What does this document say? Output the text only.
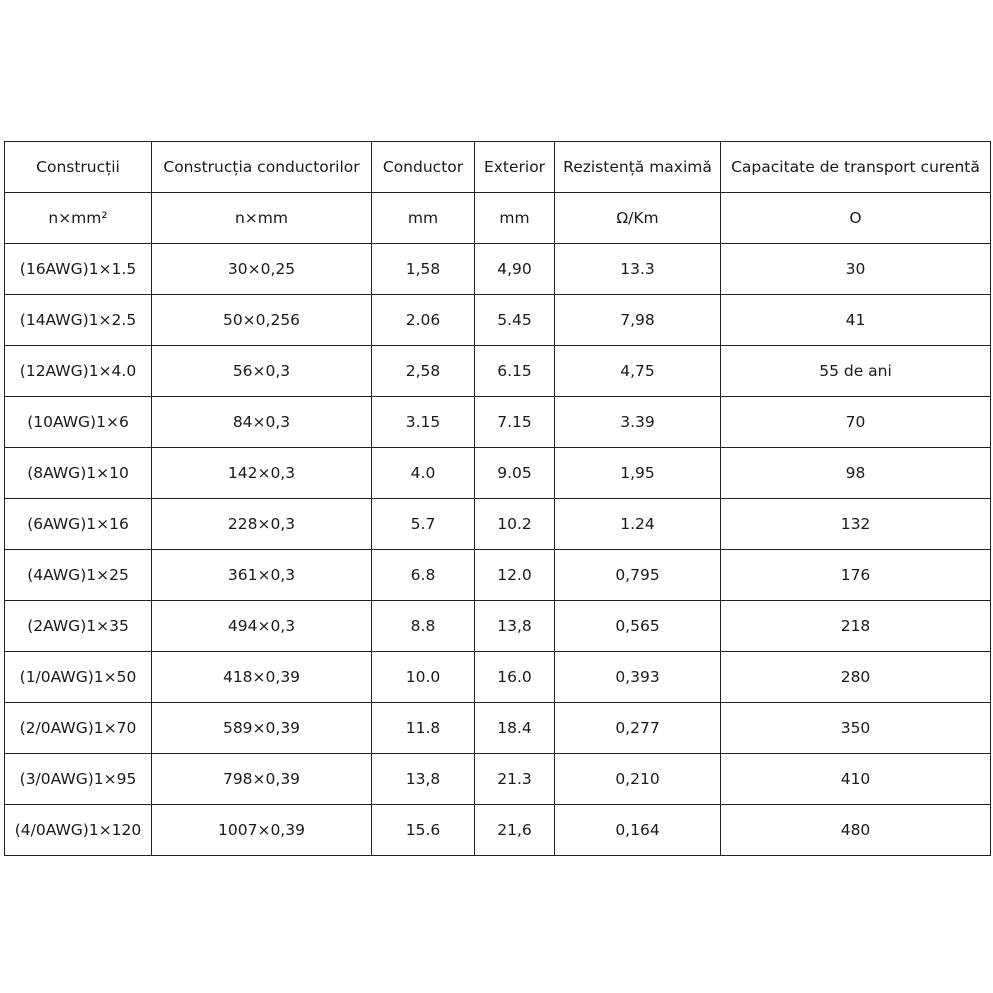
Construcții	Construcția conductorilor	Conductor	Exterior	Rezistență maximă	Capacitate de transport curentă
n×mm²	n×mm	mm	mm	Ω/Km	O
(16AWG)1×1.5	30×0,25	1,58	4,90	13.3	30
(14AWG)1×2.5	50×0,256	2.06	5.45	7,98	41
(12AWG)1×4.0	56×0,3	2,58	6.15	4,75	55 de ani
(10AWG)1×6	84×0,3	3.15	7.15	3.39	70
(8AWG)1×10	142×0,3	4.0	9.05	1,95	98
(6AWG)1×16	228×0,3	5.7	10.2	1.24	132
(4AWG)1×25	361×0,3	6.8	12.0	0,795	176
(2AWG)1×35	494×0,3	8.8	13,8	0,565	218
(1/0AWG)1×50	418×0,39	10.0	16.0	0,393	280
(2/0AWG)1×70	589×0,39	11.8	18.4	0,277	350
(3/0AWG)1×95	798×0,39	13,8	21.3	0,210	410
(4/0AWG)1×120	1007×0,39	15.6	21,6	0,164	480
